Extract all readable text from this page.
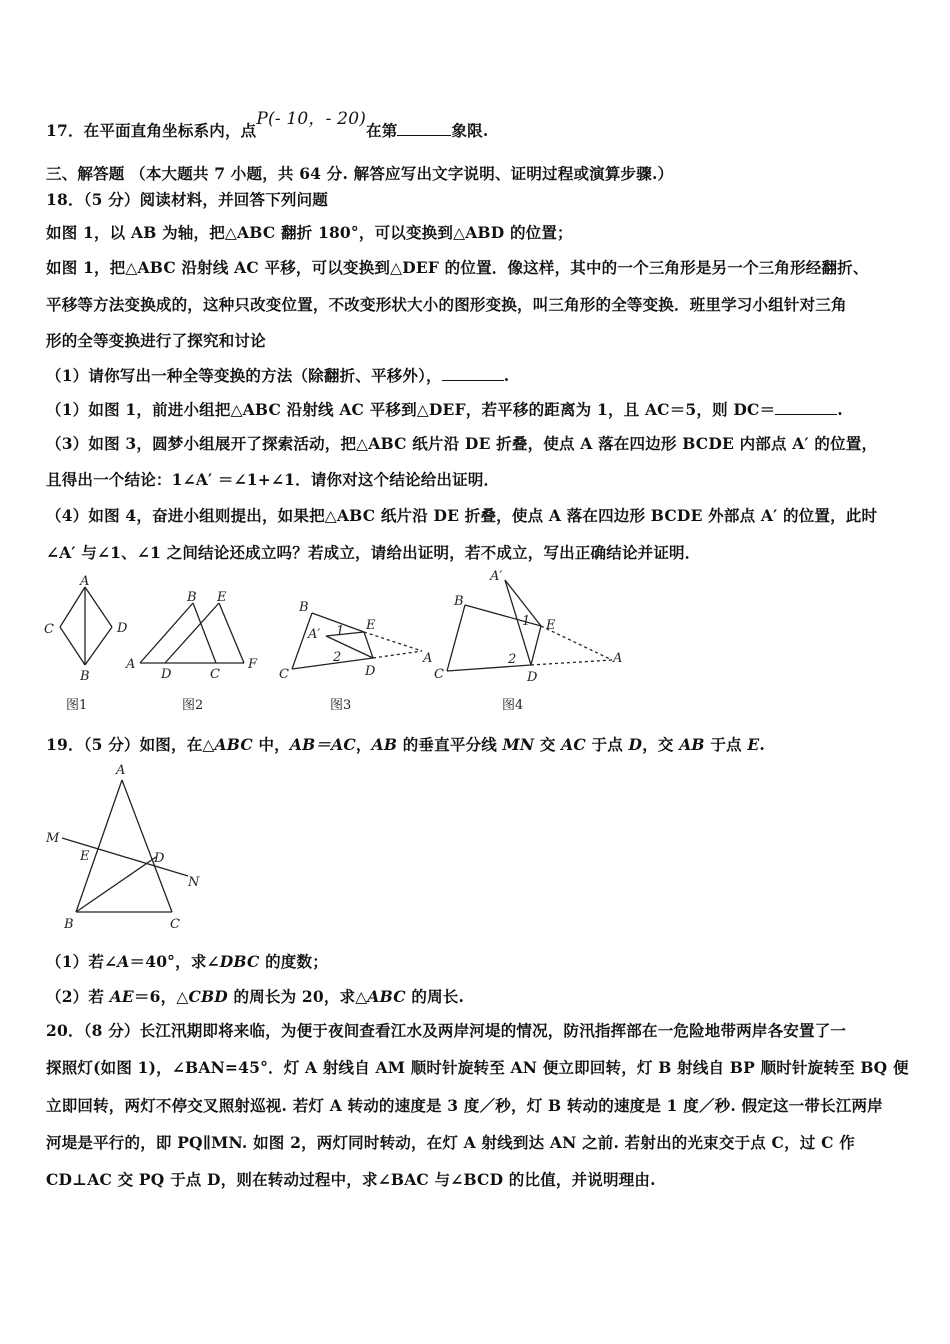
17．在平面直角坐标系内，点P(- 10，- 20)在第	象限.
三、解答题 （本大题共 7 小题，共 64 分. 解答应写出文字说明、证明过程或演算步骤.）
18．（5 分）阅读材料，并回答下列问题
如图 1，以 AB 为轴，把△ABC 翻折 180°，可以变换到△ABD 的位置；
如图 1，把△ABC 沿射线 AC 平移，可以变换到△DEF 的位置．像这样，其中的一个三角形是另一个三角形经翻折、
平移等方法变换成的，这种只改变位置，不改变形状大小的图形变换，叫三角形的全等变换．班里学习小组针对三角
形的全等变换进行了探究和讨论
（1）请你写出一种全等变换的方法（除翻折、平移外），	.
（1）如图 1，前进小组把△ABC 沿射线 AC 平移到△DEF，若平移的距离为 1，且 AC＝5，则 DC＝	.
（3）如图 3，圆梦小组展开了探索活动，把△ABC 纸片沿 DE 折叠，使点 A 落在四边形 BCDE 内部点 A′ 的位置，
且得出一个结论：1∠A′ ＝∠1+∠1．请你对这个结论给出证明．
（4）如图 4，奋进小组则提出，如果把△ABC 纸片沿 DE 折叠，使点 A 落在四边形 BCDE 外部点 A′ 的位置，此时
∠A′ 与∠1、∠1 之间结论还成立吗？若成立，请给出证明，若不成立，写出正确结论并证明．
A
C	D
B
图1
B E
A
D	C
F
图2
B
A′ 1 E
2
C	D
A
图3
A′
B
1 E
2
C	D
A
图4
19．（5 分）如图，在△ABC 中，AB＝AC，AB 的垂直平分线 MN 交 AC 于点 D，交 AB 于点 E.
A
M
E	D
N
B	C
（1）若∠A＝40°，求∠DBC 的度数；
（2）若 AE＝6，△CBD 的周长为 20，求△ABC 的周长.
20．（8 分）长江汛期即将来临，为便于夜间查看江水及两岸河堤的情况，防汛指挥部在一危险地带两岸各安置了一
探照灯(如图 1)，∠BAN=45°．灯 A 射线自 AM 顺时针旋转至 AN 便立即回转，灯 B 射线自 BP 顺时针旋转至 BQ 便
立即回转，两灯不停交叉照射巡视. 若灯 A 转动的速度是 3 度／秒，灯 B 转动的速度是 1 度／秒. 假定这一带长江两岸
河堤是平行的，即 PQ∥MN. 如图 2，两灯同时转动，在灯 A 射线到达 AN 之前. 若射出的光束交于点 C，过 C 作
CD⊥AC 交 PQ 于点 D，则在转动过程中，求∠BAC 与∠BCD 的比值，并说明理由.
